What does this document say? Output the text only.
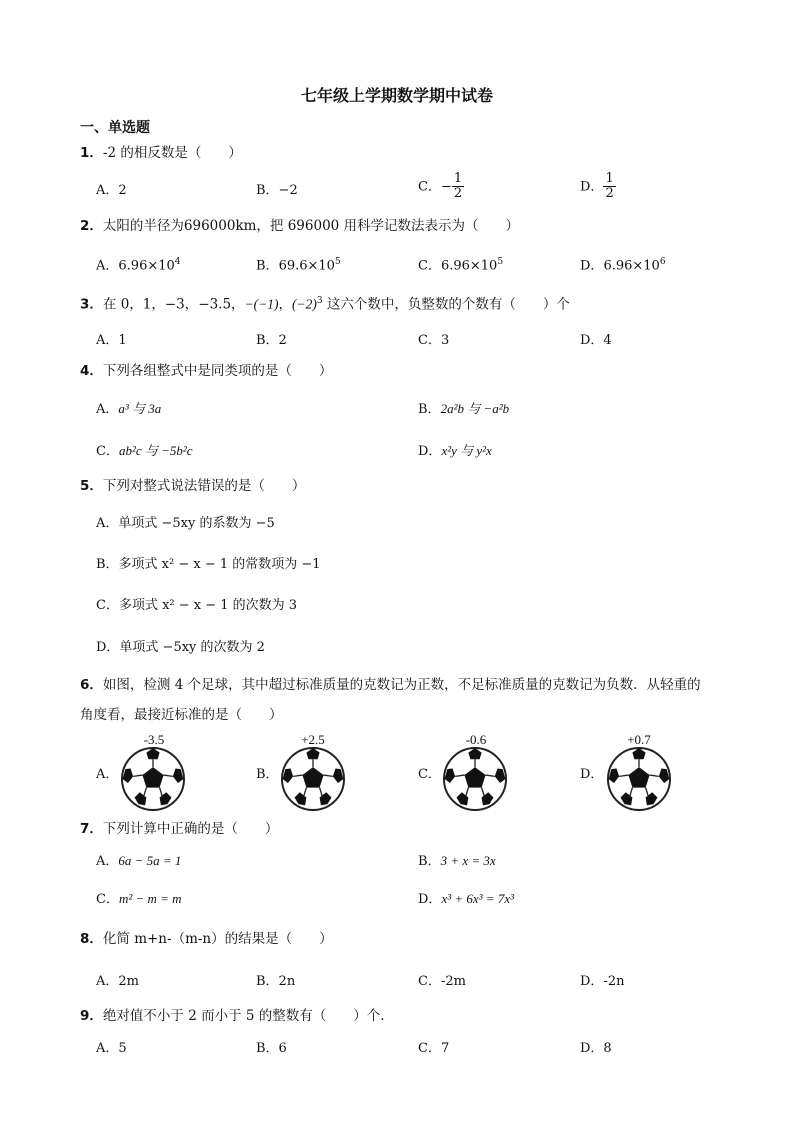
七年级上学期数学期中试卷
一、单选题
1．-2 的相反数是（　　）
A．2	B．−2	C．− $\frac{1}{2}$	D． $\frac{1}{2}$
2．太阳的半径为696000km，把 696000 用科学记数法表示为（　　）
A．$6.96\times 10^4$	B．$69.6\times 10^5$	C．$6.96\times 10^5$	D．$6.96\times 10^6$
3．在 0，1，−3，−3.5，−(−1)，$(-2)^3$ 这六个数中，负整数的个数有（　　）个
A．1	B．2	C．3	D．4
4．下列各组整式中是同类项的是（　　）
A．a³ 与 3a	B．2a²b 与 −a²b
C．ab²c 与 −5b²c	D．x²y 与 y²x
5．下列对整式说法错误的是（　　）
A．单项式 −5xy 的系数为 −5
B．多项式 x² − x − 1 的常数项为 −1
C．多项式 x² − x − 1 的次数为 3
D．单项式 −5xy 的次数为 2
6．如图，检测 4 个足球，其中超过标准质量的克数记为正数，不足标准质量的克数记为负数．从轻重的
角度看，最接近标准的是（　　）
A．
-3.5
B．
+2.5
C．
-0.6
D．
+0.7
7．下列计算中正确的是（　　）
A．6a − 5a = 1	B．3 + x = 3x
C．m² − m = m	D．x³ + 6x³ = 7x³
8．化简 m+n-（m-n）的结果是（　　）
A．2m	B．2n	C．-2m	D．-2n
9．绝对值不小于 2 而小于 5 的整数有（　　）个.
A．5	B．6	C．7	D．8
